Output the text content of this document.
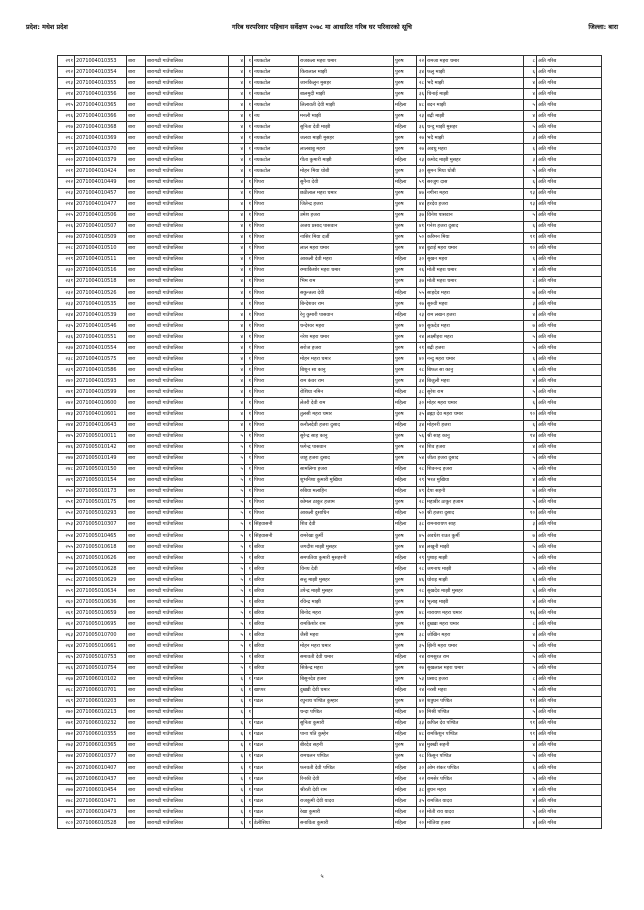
प्रदेश: मधेश प्रदेश	गरिब घरपरिवार पहिचान सर्वेक्षण २०७८ मा आधारित गरिब घर परिवारको सूचि	जिल्ला: बारा
२११	2071004010353	बारा	बारागढी गाउँपालिका	४	१	नयकटोल	राजकला महरा चमार	पुरुष	२२	रामजा महरा चमार	८	अति गरिब
२१२	2071004010354	बारा	बारागढी गाउँपालिका	४	१	नयकटोल	किरालाल माझी	पुरुष	३४	फलु माझी	६	अति गरिब
२१३	2071004010355	बारा	बारागढी गाउँपालिका	४	१	नयकटोल	जानकिलुन मुसहर	पुरुष	२८	भदै माझी	४	अति गरिब
२१४	2071004010356	बारा	बारागढी गाउँपालिका	४	१	नयकटोल	बालमुदी माझी	पुरुष	३६	चिनाई माझी	४	अति गरिब
२१५	2071004010365	बारा	बारागढी गाउँपालिका	४	१	नयकटोल	लिलावती देवी माझी	महिला	४८	बदन माझी	५	अति गरिब
२१६	2071004010366	बारा	बारागढी गाउँपालिका	४	१	नय	मनली माझी	पुरुष	२३	बद्री माझी	४	अति गरिब
२१७	2071004010368	बारा	बारागढी गाउँपालिका	४	१	नयकटोल	सुनिता देवी माझी	महिला	३६	चन्दु माझी मुसहर	५	अति गरिब
२१८	2071004010369	बारा	बारागढी गाउँपालिका	४	१	नयकटोल	जलवा माझी मुसहर	पुरुष	२७	भदै माझी	३	अति गरिब
२१९	2071004010370	बारा	बारागढी गाउँपालिका	४	१	नयकटोल	लालबाबु महरा	पुरुष	२७	अवधु महरा	६	अति गरिब
२२०	2071004010379	बारा	बारागढी गाउँपालिका	४	१	नयकटोल	गीता कुमारी माझी	महिला	२३	कमोद माझी मुसहर	३	अति गरिब
२२१	2071004010424	बारा	बारागढी गाउँपालिका	४	१	नयकटोल	मोहन मिया धोबी	पुरुष	३०	सुमन मिया धोबी	५	अति गरिब
२२२	2071004010449	बारा	बारागढी गाउँपालिका	४	१	पिपरा	सुनैना देवी	महिला	५९	सरजुग दास	६	अति गरिब
२२३	2071004010457	बारा	बारागढी गाउँपालिका	४	१	पिपरा	छठीलाल महरा चमार	पुरुष	४७	नगीना महरा	१३	अति गरिब
२२४	2071004010477	बारा	बारागढी गाउँपालिका	४	१	पिपरा	जितेन्द्र हजरा	पुरुष	४४	हरदेव हजरा	१३	अति गरिब
२२५	2071004010506	बारा	बारागढी गाउँपालिका	४	१	पिपरा	उमेश हजरा	पुरुष	३७	विनेश पासवान	५	अति गरिब
२२६	2071004010507	बारा	बारागढी गाउँपालिका	४	१	पिपरा	अजय प्रसाद पासवान	पुरुष	४१	गनेश हजरा दुसाद	६	अति गरिब
२२७	2071004010509	बारा	बारागढी गाउँपालिका	४	१	पिपरा	नासिर मिया दर्जी	पुरुष	५०	करिमन मिया	११	अति गरिब
२२८	2071004010510	बारा	बारागढी गाउँपालिका	४	१	पिपरा	लाल महरा चमार	पुरुष	४४	बुटाई महरा चमार	१०	अति गरिब
२२९	2071004010511	बारा	बारागढी गाउँपालिका	४	१	पिपरा	आकली देवी महरा	महिला	३०	सुखन महरा	६	अति गरिब
२३०	2071004010516	बारा	बारागढी गाउँपालिका	४	१	पिपरा	रम्पाकिशोर महरा चमार	पुरुष	२६	मोती महरा चमार	४	अति गरिब
२३१	2071004010518	बारा	बारागढी गाउँपालिका	४	१	पिपरा	भिम राम	पुरुष	३७	मोती महरा चमार	८	अति गरिब
२३२	2071004010526	बारा	बारागढी गाउँपालिका	४	१	पिपरा	सकुन्तला देवी	महिला	५५	साहदेव महरा	७	अति गरिब
२३३	2071004010535	बारा	बारागढी गाउँपालिका	४	१	पिपरा	बिन्देशवर राम	पुरुष	२७	सुरुवी महरा	३	अति गरिब
२३४	2071004010539	बारा	बारागढी गाउँपालिका	४	१	पिपरा	रेनु कुमारी पासवान	महिला	२३	राम लखन हजरा	४	अति गरिब
२३५	2071004010546	बारा	बारागढी गाउँपालिका	४	१	पिपरा	चन्देश्वर महरा	पुरुष	४०	सुकदेव महरा	७	अति गरिब
२३६	2071004010551	बारा	बारागढी गाउँपालिका	४	१	पिपरा	नरेश महरा चमार	पुरुष	२४	लक्ष्मीहरा महरा	५	अति गरिब
२३७	2071004010554	बारा	बारागढी गाउँपालिका	४	१	पिपरा	सरोज हजरा	पुरुष	२१	बद्री हजरा	५	अति गरिब
२३८	2071004010575	बारा	बारागढी गाउँपालिका	४	१	पिपरा	मोहन महरा चमार	पुरुष	४०	नन्दु महरा चमार	६	अति गरिब
२३९	2071004010586	बारा	बारागढी गाउँपालिका	४	१	पिपरा	बिशुन सा कानु	पुरुष	२८	बिफत सा कानु	६	अति गरिब
२४०	2071004010593	बारा	बारागढी गाउँपालिका	४	१	पिपरा	राम कंवर राम	पुरुष	३४	बिजुली महरा	४	अति गरिब
२४१	2071004010599	बारा	बारागढी गाउँपालिका	४	१	पिपरा	रोशिया नमिन	महिला	३८	सुरेश राम	५	अति गरिब
२४२	2071004010600	बारा	बारागढी गाउँपालिका	४	१	पिपरा	लेतरी देवी राम	महिला	३०	मोहर महरा चमार	६	अति गरिब
२४३	2071004010601	बारा	बारागढी गाउँपालिका	४	१	पिपरा	तुलसी महरा चमार	पुरुष	३५	ब्रह्मा देव महरा चमार	१०	अति गरिब
२४४	2071004010643	बारा	बारागढी गाउँपालिका	४	१	पिपरा	कनौलदेवी हजरा दुसाद	महिला	३४	मोहनरी हजरा	६	अति गरिब
२४५	2071005010011	बारा	बारागढी गाउँपालिका	५	१	पिपरा	सुरेन्द्र साह कानु	पुरुष	५६	श्री साह कानु	१४	अति गरिब
२४६	2071005010142	बारा	बारागढी गाउँपालिका	५	१	पिपरा	फगेन्द्र पासवान	पुरुष	२४	शिव हजरा	४	अति गरिब
२४७	2071005010149	बारा	बारागढी गाउँपालिका	५	१	पिपरा	जाहु हजरा दुसाद	पुरुष	५४	जीता हजरा दुसाद	५	अति गरिब
२४८	2071005010150	बारा	बारागढी गाउँपालिका	५	१	पिपरा	सामलिगा हजरा	महिला	२८	शिवनन्द हजरा	५	अति गरिब
२४९	2071005010154	बारा	बारागढी गाउँपालिका	५	१	पिपरा	शुभनिशा कुमारी मुखिया	महिला	२९	भरत मुखिया	४	अति गरिब
२५०	2071005010173	बारा	बारागढी गाउँपालिका	५	१	पिपरा	रुबिया मलाहिन	महिला	४९	देपा सहनी	७	अति गरिब
२५१	2071005010175	बारा	बारागढी गाउँपालिका	५	१	पिपरा	कोमल ठाकुर हजाम	पुरुष	२८	महाबीर ठाकुर हजाम	५	अति गरिब
२५२	2071005010293	बारा	बारागढी गाउँपालिका	५	१	पिपरा	आकली दुसाधिन	महिला	५०	श्री हजरा दुसाद	१०	अति गरिब
२५३	2071005010307	बारा	बारागढी गाउँपालिका	५	१	सिंहवासनी	शिव देवी	महिला	३८	रामनारायण साह	३	अति गरिब
२५४	2071005010465	बारा	बारागढी गाउँपालिका	५	१	सिंहवासनी	रामरेखा कुर्मी	पुरुष	४५	अवधेश राउत कुर्मी	७	अति गरिब
२५५	2071005010618	बारा	बारागढी गाउँपालिका	५	१	बरिया	जगदीश माझी मुसहर	पुरुष	४४	लखुनी माझी	५	अति गरिब
२५६	2071005010626	बारा	बारागढी गाउँपालिका	५	१	बरिया	समपतिया कुमारी मुसहरनी	महिला	२९	पुशाइ माझी	५	अति गरिब
२५७	2071005010628	बारा	बारागढी गाउँपालिका	५	१	बरिया	विनय देवी	महिला	२८	जगनाथ माझी	५	अति गरिब
२५८	2071005010629	बारा	बारागढी गाउँपालिका	५	१	बरिया	सत्तु माझी मुसहर	पुरुष	४६	धोराइ माझी	६	अति गरिब
२५९	2071005010634	बारा	बारागढी गाउँपालिका	५	१	बरिया	उपेन्द्र माझी मुसहर	पुरुष	२८	सुखदेव माझी मुसहर	६	अति गरिब
२६०	2071005010636	बारा	बारागढी गाउँपालिका	५	१	बरिया	रविन्द्र माझी	पुरुष	२४	भूलाइ माझी	४	अति गरिब
२६१	2071005010659	बारा	बारागढी गाउँपालिका	५	१	बरिया	बिनोद महरा	पुरुष	४८	नारायण महरा चमार	१६	अति गरिब
२६२	2071005010695	बारा	बारागढी गाउँपालिका	५	१	बरिया	रामकिशोर राम	पुरुष	२१	दुख्खा महरा चमार	८	अति गरिब
२६३	2071005010700	बारा	बारागढी गाउँपालिका	५	१	बरिया	जैसी महरा	पुरुष	३८	जोखिन महरा	४	अति गरिब
२६४	2071005010661	बारा	बारागढी गाउँपालिका	५	१	बरिया	मोहन महरा चमार	पुरुष	३५	झिनी महरा चमार	५	अति गरिब
२६५	2071005010753	बारा	बारागढी गाउँपालिका	५	१	बरिया	समावती देवी चमार	महिला	२४	रामसुरत राम	५	अति गरिब
२६६	2071005010754	बारा	बारागढी गाउँपालिका	५	१	बरिया	सिकेन्द्र महरा	पुरुष	२७	सुखलाल महरा चमार	५	अति गरिब
२६७	2071006010102	बारा	बारागढी गाउँपालिका	६	१	गढल	बिसुनदेव हजरा	पुरुष	५३	प्रसाद हजरा	८	अति गरिब
२६८	2071006010701	बारा	बारागढी गाउँपालिका	६	१	खाप्पर	दुख्खी देवी चमार	महिला	२४	नरसी महरा	५	अति गरिब
२६९	2071006010203	बारा	बारागढी गाउँपालिका	६	१	गढल	रघुनाथ पण्डित कुम्हार	पुरुष	४२	शत्रुघन पण्डित	११	अति गरिब
२७०	2071006010213	बारा	बारागढी गाउँपालिका	६	१		चन्दा पण्डित	महिला	४०	मिश्री पण्डित	५	अति गरिब
२७१	2071006010232	बारा	बारागढी गाउँपालिका	६	१	गढल	सुनिता कुमारी	महिला	३३	कपिल देव पण्डित	११	अति गरिब
२७२	2071006010355	बारा	बारागढी गाउँपालिका	६	१	गढल	पाना पति कुम्हेन	महिला	४८	रामकिशुन पण्डित	११	अति गरिब
२७३	2071006010365	बारा	बारागढी गाउँपालिका	६	१	गढल	बीरदेव सहनी	पुरुष	४४	मुक्खी सहनी	४	अति गरिब
२७४	2071006010377	बारा	बारागढी गाउँपालिका	६	१	गढल	रामचलन पण्डित	पुरुष	२८	किसुन पण्डित	५	अति गरिब
२७५	2071006010407	बारा	बारागढी गाउँपालिका	६	१	गढल	फनवती देवी पण्डित	महिला	३०	ओम शंकर पण्डित	६	अति गरिब
२७६	2071006010437	बारा	बारागढी गाउँपालिका	६	१	गढल	रिनकी देवी	महिला	२२	रामसेर पण्डित	५	अति गरिब
२७७	2071006010454	बारा	बारागढी गाउँपालिका	६	१	गढल	श्रीरती देवी राम	महिला	३८	बुचन महरा	४	अति गरिब
२७८	2071006010471	बारा	बारागढी गाउँपालिका	६	१	गढल	राजकुमी देवी यादव	महिला	३५	रामजित यादव	४	अति गरिब
२७९	2071006010473	बारा	बारागढी गाउँपालिका	६	१	गढल	रेखा कुमारी	महिला	२२	मोती राय यादव	५	अति गरिब
२८०	2071006010528	बारा	बारागढी गाउँपालिका	६	१	डेलीसिया	सनाविता कुमारी	महिला	२०	मोतिया हजरा	४	अति गरिब
५
